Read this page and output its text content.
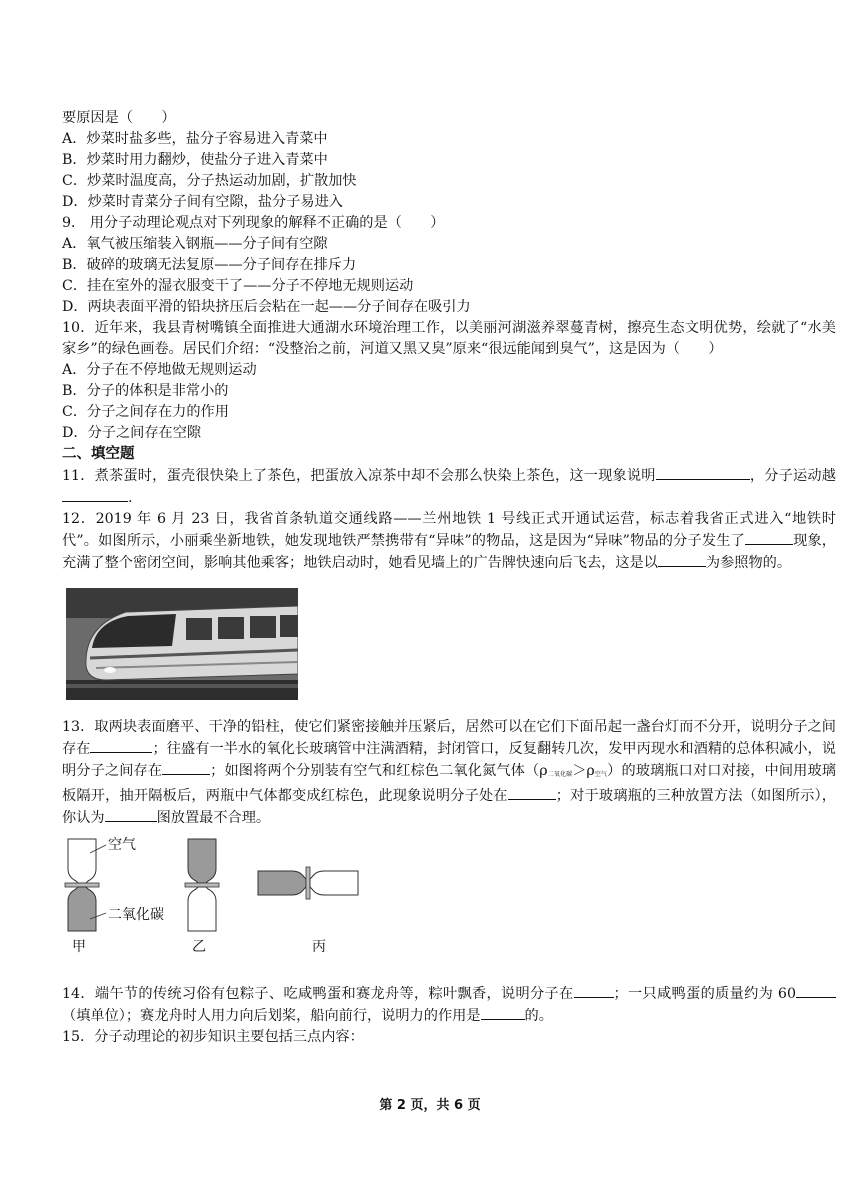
要原因是（　　）
A．炒菜时盐多些，盐分子容易进入青菜中
B．炒菜时用力翻炒，使盐分子进入青菜中
C．炒菜时温度高，分子热运动加剧，扩散加快
D．炒菜时青菜分子间有空隙，盐分子易进入
9． 用分子动理论观点对下列现象的解释不正确的是（　　）
A．氧气被压缩装入钢瓶——分子间有空隙
B．破碎的玻璃无法复原——分子间存在排斥力
C．挂在室外的湿衣服变干了——分子不停地无规则运动
D．两块表面平滑的铅块挤压后会粘在一起——分子间存在吸引力
10．近年来，我县青树嘴镇全面推进大通湖水环境治理工作，以美丽河湖滋养翠蔓青树，擦亮生态文明优势，绘就了“水美家乡”的绿色画卷。居民们介绍：“没整治之前，河道又黑又臭”原来“很远能闻到臭气”，这是因为（　　）
A．分子在不停地做无规则运动
B．分子的体积是非常小的
C．分子之间存在力的作用
D．分子之间存在空隙
二、填空题
11．煮茶蛋时，蛋壳很快染上了茶色，把蛋放入凉茶中却不会那么快染上茶色，这一现象说明	，分子运动越.
12．2019 年 6 月 23 日，我省首条轨道交通线路——兰州地铁 1 号线正式开通试运营，标志着我省正式进入“地铁时代”。如图所示，小丽乘坐新地铁，她发现地铁严禁携带有“异味”的物品，这是因为“异味”物品的分子发生了	现象，充满了整个密闭空间，影响其他乘客；地铁启动时，她看见墙上的广告牌快速向后飞去，这是以	为参照物的。
13．取两块表面磨平、干净的铅柱，使它们紧密接触并压紧后，居然可以在它们下面吊起一盏台灯而不分开，说明分子之间存在	；往盛有一半水的氧化长玻璃管中注满酒精，封闭管口，反复翻转几次，发甲丙现水和酒精的总体积减小，说明分子之间存在	；如图将两个分别装有空气和红棕色二氧化氮气体（ρ二氧化碳＞ρ空气）的玻璃瓶口对口对接，中间用玻璃板隔开，抽开隔板后，两瓶中气体都变成红棕色，此现象说明分子处在	；对于玻璃瓶的三种放置方法（如图所示），你认为	图放置最不合理。
空气
二氧化碳
甲	乙	丙
14．端午节的传统习俗有包粽子、吃咸鸭蛋和赛龙舟等，粽叶飘香，说明分子在	；一只咸鸭蛋的质量约为 60（填单位）；赛龙舟时人用力向后划桨，船向前行，说明力的作用是	的。
15．分子动理论的初步知识主要包括三点内容：
第 2 页，共 6 页
